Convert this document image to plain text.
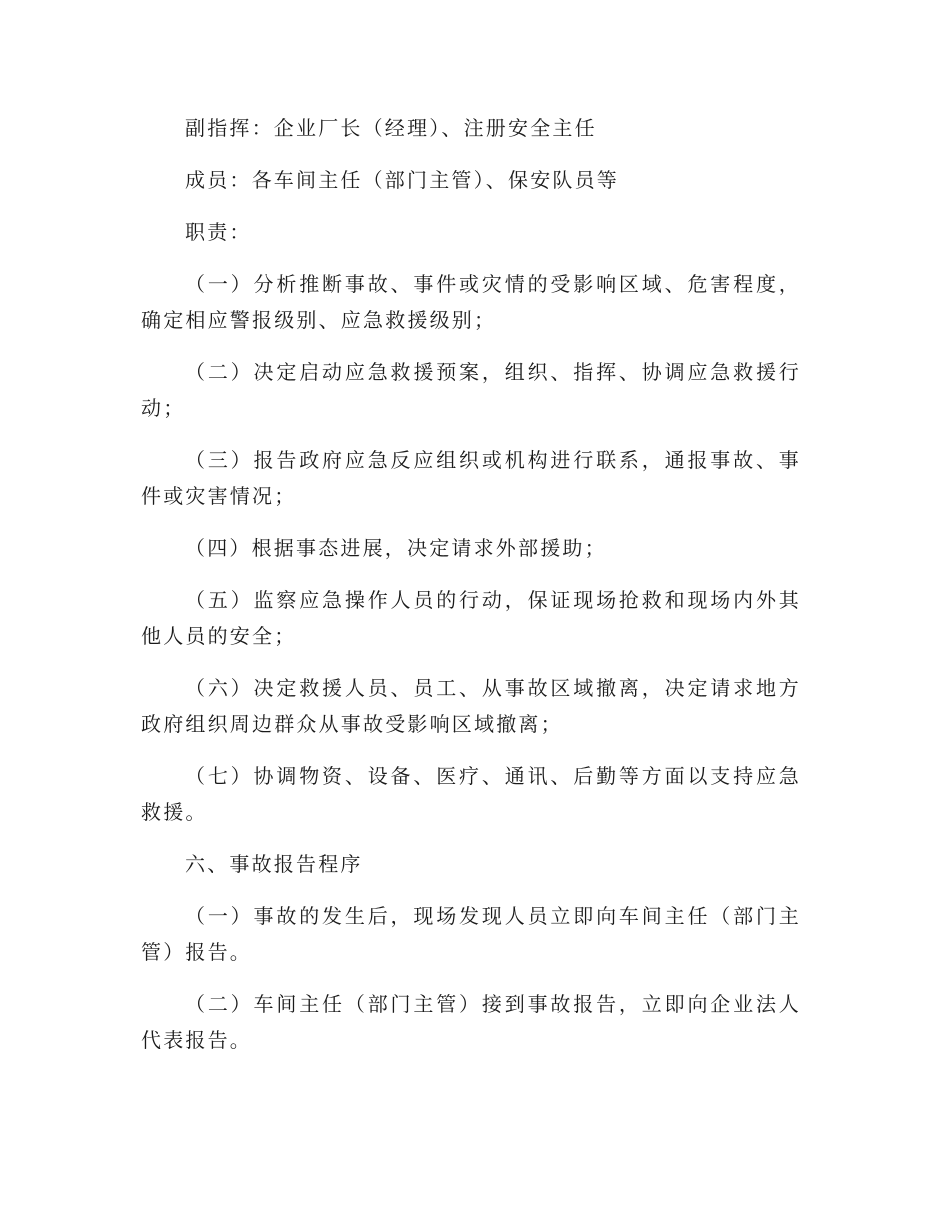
副指挥：企业厂长（经理）、注册安全主任

成员：各车间主任（部门主管）、保安队员等

职责：

（一）分析推断事故、事件或灾情的受影响区域、危害程度，确定相应警报级别、应急救援级别；

（二）决定启动应急救援预案，组织、指挥、协调应急救援行动；

（三）报告政府应急反应组织或机构进行联系，通报事故、事件或灾害情况；

（四）根据事态进展，决定请求外部援助；

（五）监察应急操作人员的行动，保证现场抢救和现场内外其他人员的安全；

（六）决定救援人员、员工、从事故区域撤离，决定请求地方政府组织周边群众从事故受影响区域撤离；

（七）协调物资、设备、医疗、通讯、后勤等方面以支持应急救援。

六、事故报告程序

（一）事故的发生后，现场发现人员立即向车间主任（部门主管）报告。

（二）车间主任（部门主管）接到事故报告，立即向企业法人代表报告。
